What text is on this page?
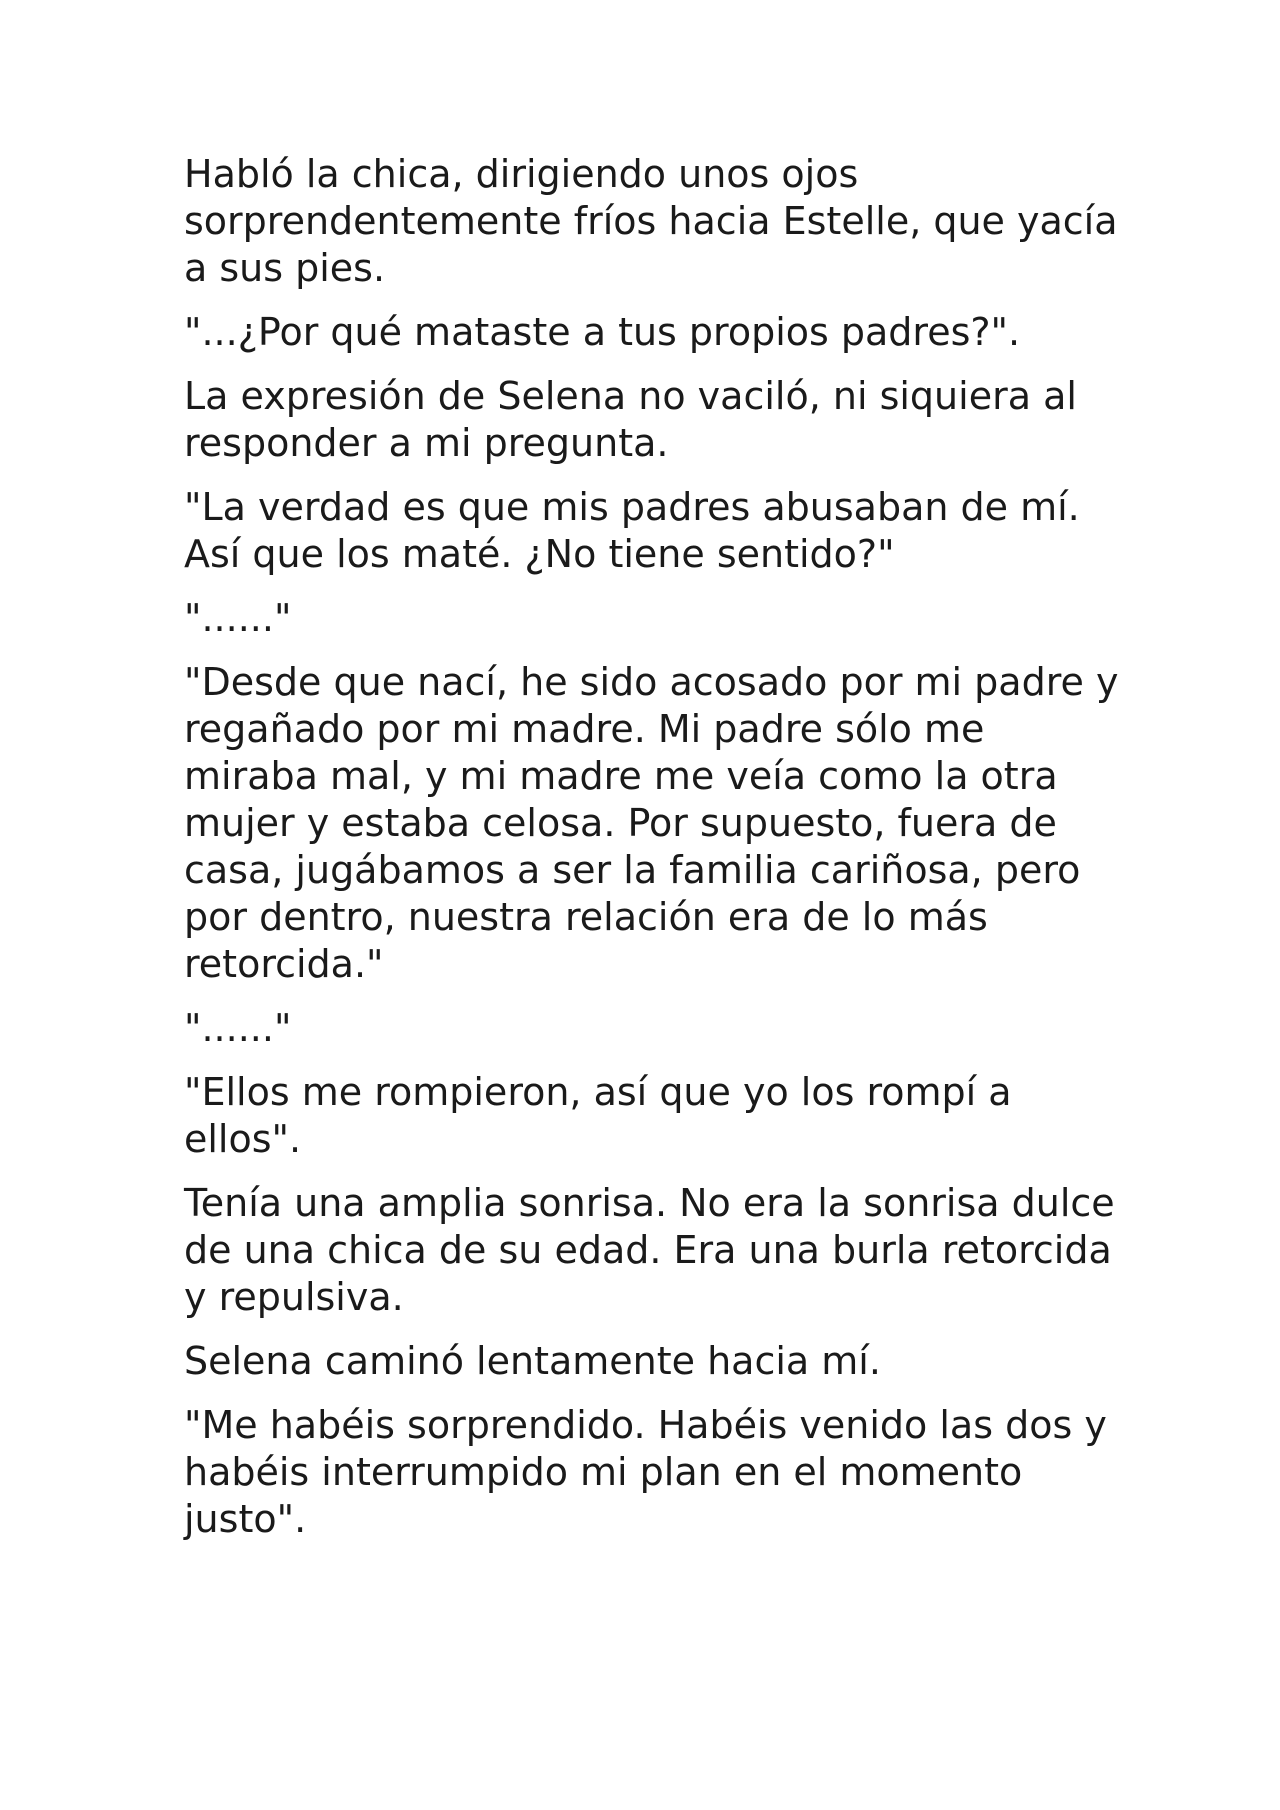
Habló la chica, dirigiendo unos ojos sorprendentemente fríos hacia Estelle, que yacía a sus pies.

"...¿Por qué mataste a tus propios padres?".

La expresión de Selena no vaciló, ni siquiera al responder a mi pregunta.

"La verdad es que mis padres abusaban de mí. Así que los maté. ¿No tiene sentido?"

"......"

"Desde que nací, he sido acosado por mi padre y regañado por mi madre. Mi padre sólo me miraba mal, y mi madre me veía como la otra mujer y estaba celosa. Por supuesto, fuera de casa, jugábamos a ser la familia cariñosa, pero por dentro, nuestra relación era de lo más retorcida."

"......"

"Ellos me rompieron, así que yo los rompí a ellos".

Tenía una amplia sonrisa. No era la sonrisa dulce de una chica de su edad. Era una burla retorcida y repulsiva.

Selena caminó lentamente hacia mí.

"Me habéis sorprendido. Habéis venido las dos y habéis interrumpido mi plan en el momento justo".
